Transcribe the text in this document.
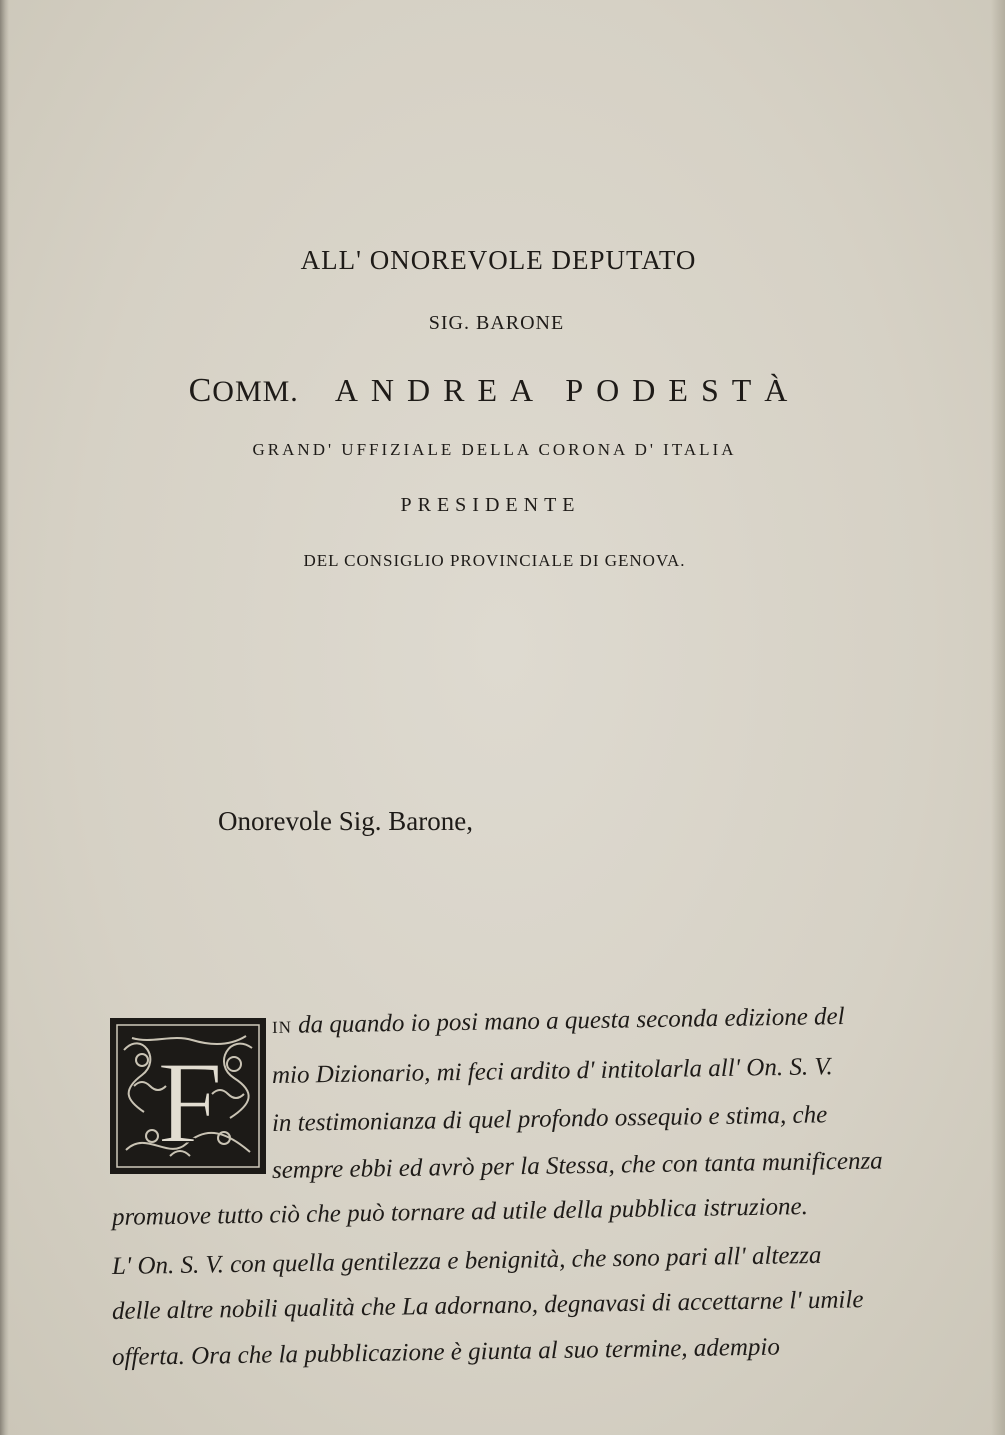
ALL' ONOREVOLE DEPUTATO
SIG. BARONE
COMM. ANDREA PODESTÀ
GRAND' UFFIZIALE DELLA CORONA D' ITALIA
PRESIDENTE
DEL CONSIGLIO PROVINCIALE DI GENOVA.
Onorevole Sig. Barone,
F
IN da quando io posi mano a questa seconda edizione del
mio Dizionario, mi feci ardito d' intitolarla all' On. S. V.
in testimonianza di quel profondo ossequio e stima, che
sempre ebbi ed avrò per la Stessa, che con tanta munificenza
promuove tutto ciò che può tornare ad utile della pubblica istruzione.
L' On. S. V. con quella gentilezza e benignità, che sono pari all' altezza
delle altre nobili qualità che La adornano, degnavasi di accettarne l' umile
offerta. Ora che la pubblicazione è giunta al suo termine, adempio
